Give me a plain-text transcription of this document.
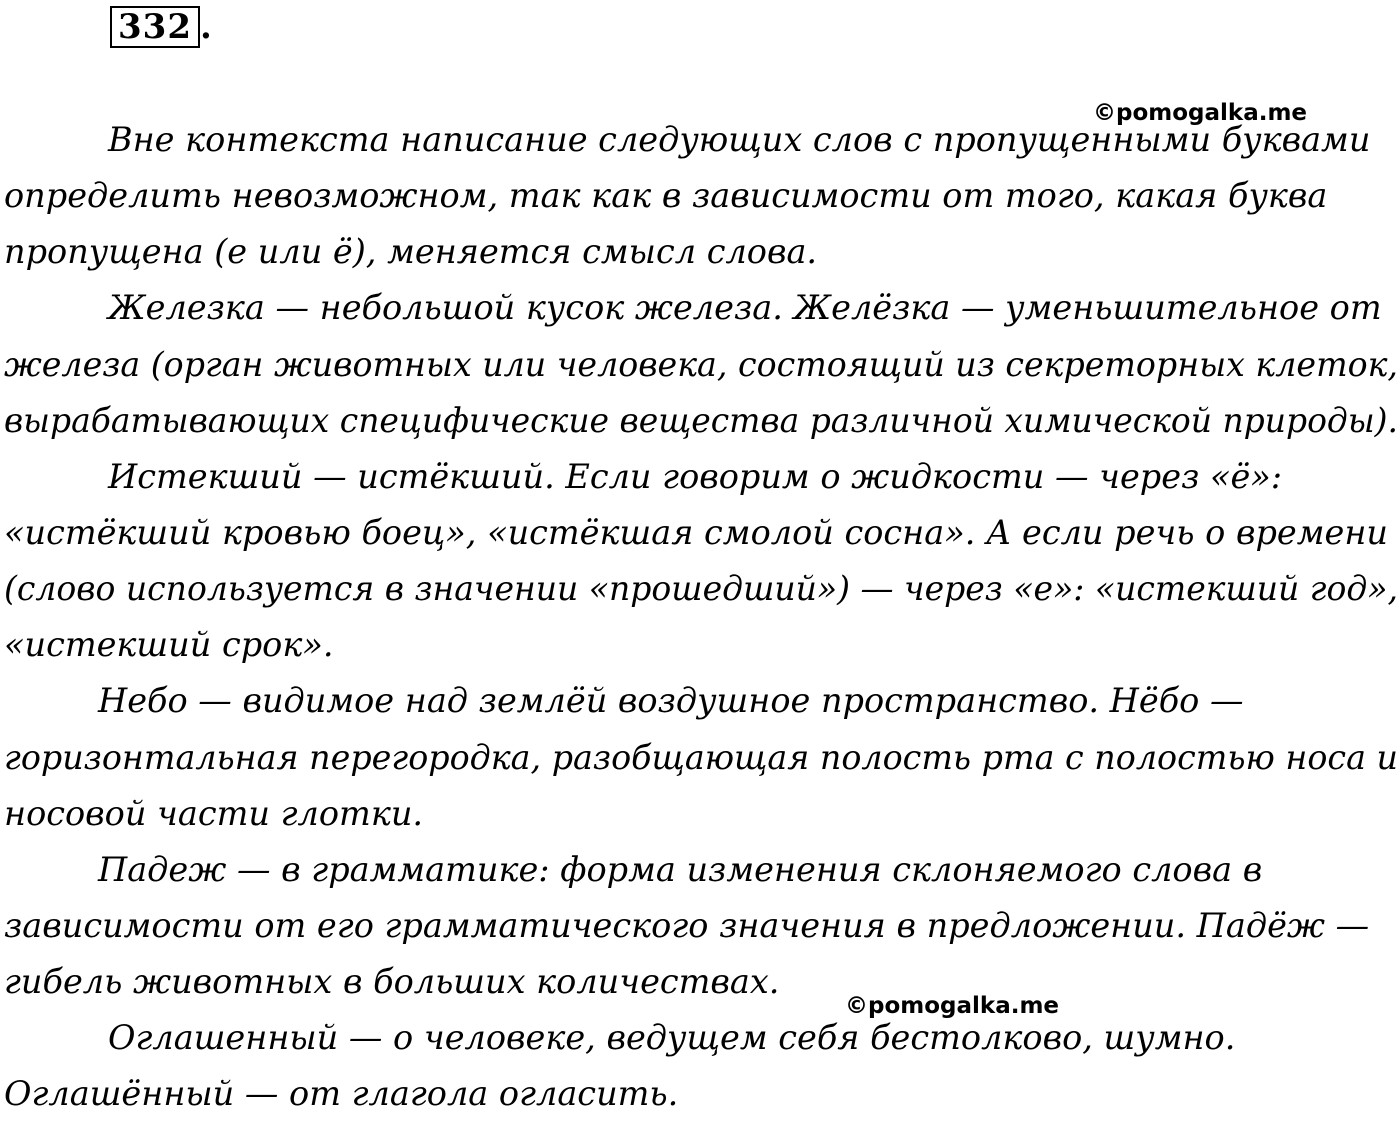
332 .
©pomogalka.me
Вне контекста написание следующих слов с пропущенными буквами
определить невозможном, так как в зависимости от того, какая буква
пропущена (е или ё), меняется смысл слова.
Железка — небольшой кусок железа. Желёзка — уменьшительное от
железа (орган животных или человека, состоящий из секреторных клеток,
вырабатывающих специфические вещества различной химической природы).
Истекший — истёкший. Если говорим о жидкости — через «ё»:
«истёкший кровью боец», «истёкшая смолой сосна». А если речь о времени
(слово используется в значении «прошедший») — через «е»: «истекший год»,
«истекший срок».
Небо — видимое над землёй воздушное пространство. Нёбо —
горизонтальная перегородка, разобщающая полость рта с полостью носа и
носовой части глотки.
Падеж — в грамматике: форма изменения склоняемого слова в
зависимости от его грамматического значения в предложении. Падёж —
гибель животных в больших количествах.
Оглашенный — о человеке, ведущем себя бестолково, шумно.
Оглашённый — от глагола огласить.
©pomogalka.me
